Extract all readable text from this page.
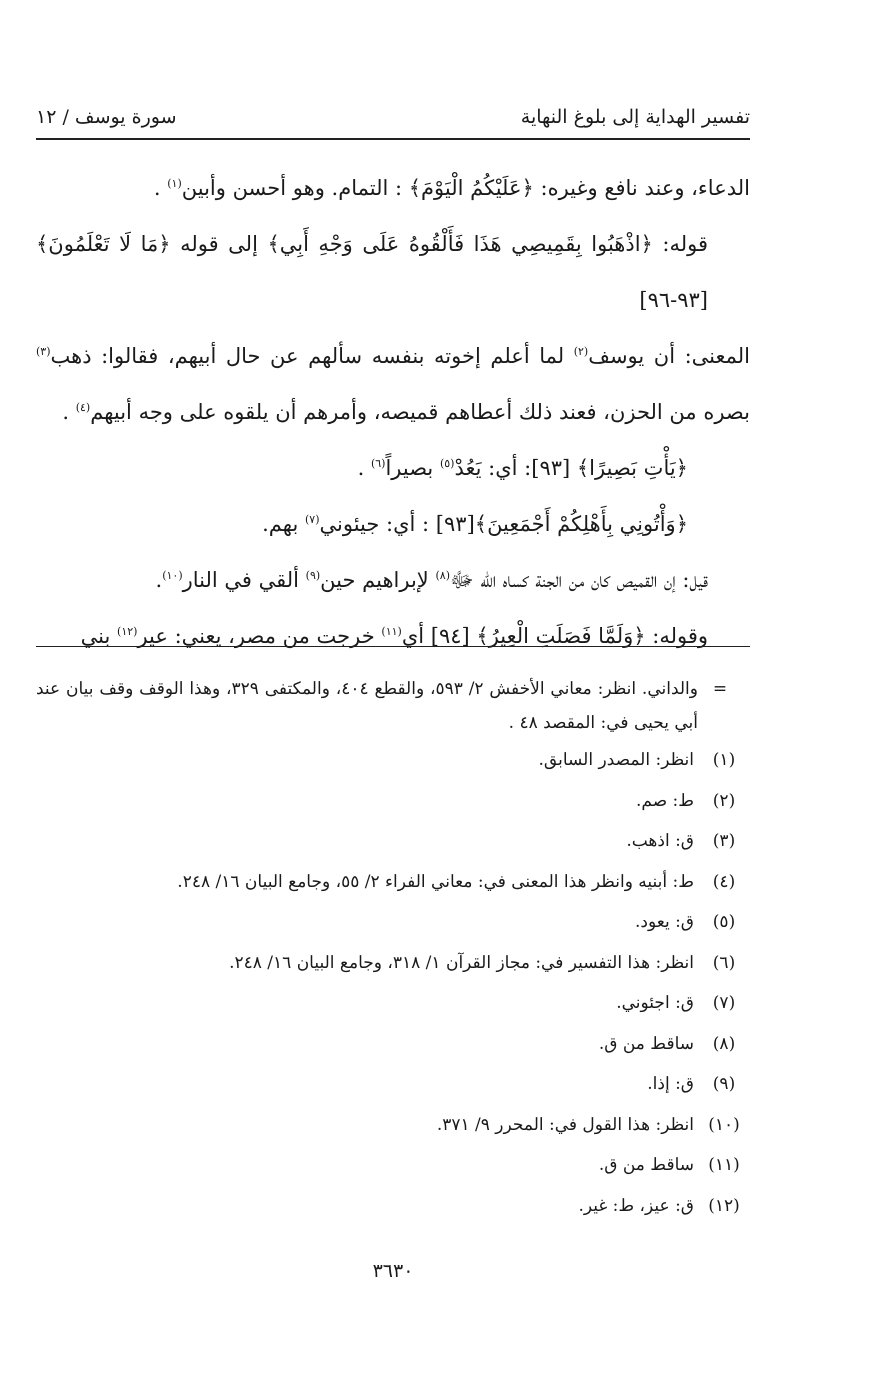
تفسير الهداية إلى بلوغ النهاية
سورة يوسف / ١٢

الدعاء، وعند نافع وغيره: ﴿عَلَيْكُمُ الْيَوْمَ﴾ : التمام. وهو أحسن وأبين$^{(١)}$ .

قوله: ﴿اذْهَبُوا بِقَمِيصِي هَذَا فَأَلْقُوهُ عَلَى وَجْهِ أَبِي﴾ إلى قوله ﴿مَا لَا تَعْلَمُونَ﴾[٩٣-٩٦]

المعنى: أن يوسف$^{(٢)}$ لما أعلم إخوته بنفسه سألهم عن حال أبيهم، فقالوا: ذهب$^{(٣)}$ بصره من الحزن، فعند ذلك أعطاهم قميصه، وأمرهم أن يلقوه على وجه أبيهم$^{(٤)}$ .

﴿يَأْتِ بَصِيرًا﴾ [٩٣]: أي: يَعُدْ$^{(٥)}$ بصيراً$^{(٦)}$ .

﴿وَأْتُونِي بِأَهْلِكُمْ أَجْمَعِينَ﴾[٩٣] : أي: جيئوني$^{(٧)}$ بهم.

قيل: إن القميص كان من الجنة كساه الله ﷻ$^{(٨)}$ لإبراهيم حين$^{(٩)}$ ألقي في النار$^{(١٠)}$.

وقوله: ﴿وَلَمَّا فَصَلَتِ الْعِيرُ﴾ [٩٤] أي$^{(١١)}$ خرجت من مصر، يعني: عير$^{(١٢)}$ بني

=
والداني. انظر: معاني الأخفش ٢/ ٥٩٣، والقطع ٤٠٤، والمكتفى ٣٢٩، وهذا الوقف وقف بيان عند أبي يحيى في: المقصد ٤٨ .
(١)
انظر: المصدر السابق.
(٢)
ط: صم.
(٣)
ق: اذهب.
(٤)
ط: أبنيه وانظر هذا المعنى في: معاني الفراء ٢/ ٥٥، وجامع البيان ١٦/ ٢٤٨.
(٥)
ق: يعود.
(٦)
انظر: هذا التفسير في: مجاز القرآن ١/ ٣١٨، وجامع البيان ١٦/ ٢٤٨.
(٧)
ق: اجئوني.
(٨)
ساقط من ق.
(٩)
ق: إذا.
(١٠)
انظر: هذا القول في: المحرر ٩/ ٣٧١.
(١١)
ساقط من ق.
(١٢)
ق: عيز، ط: غير.
٣٦٣٠
